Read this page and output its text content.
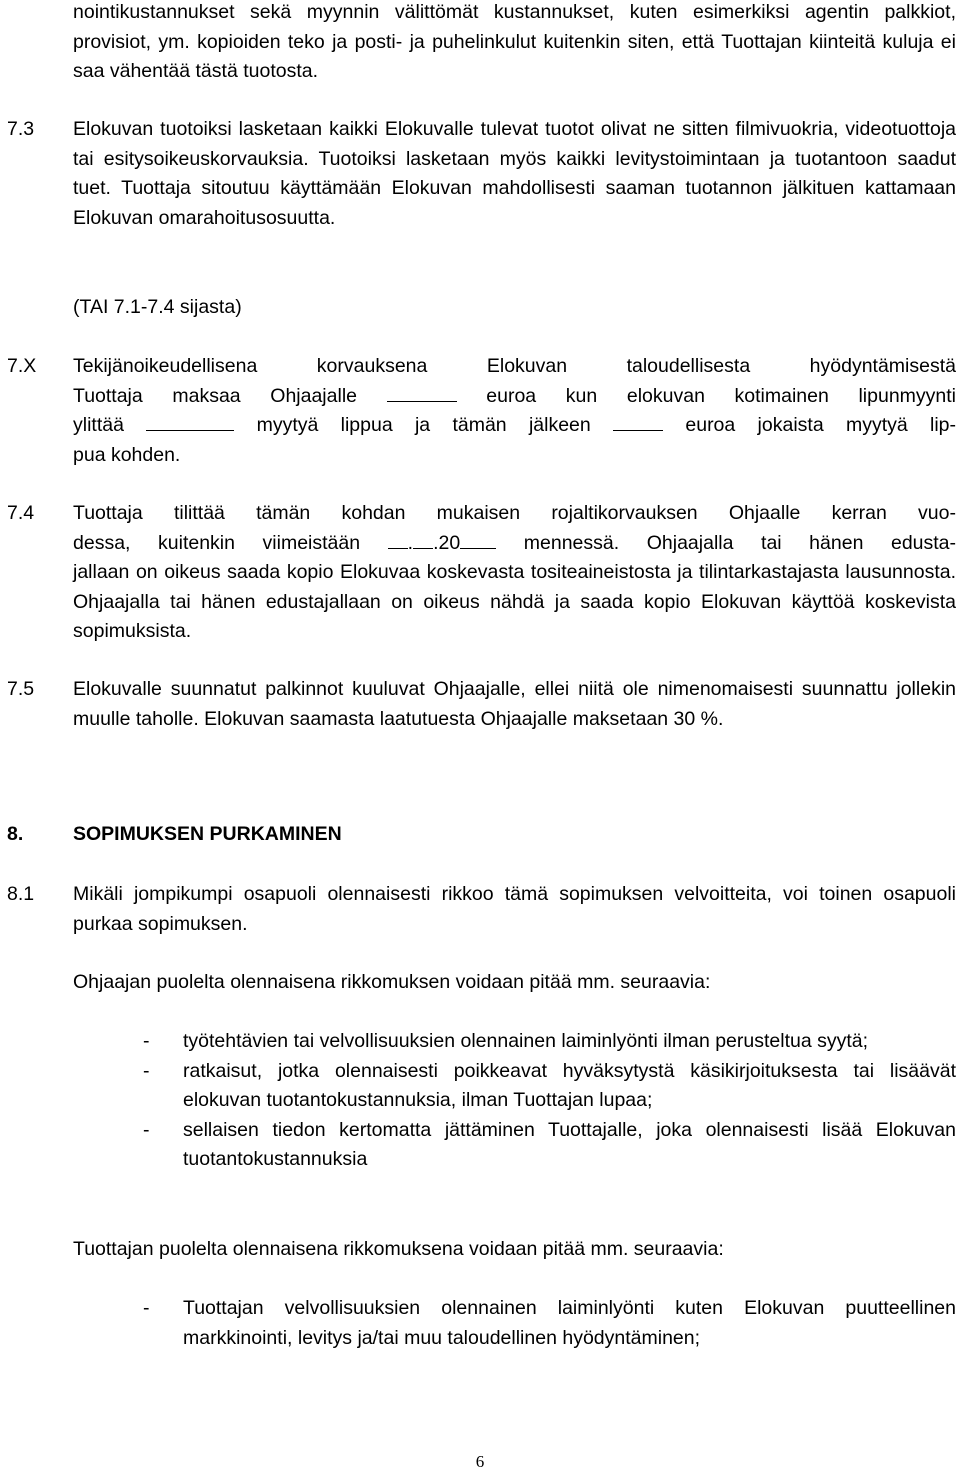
nointikustannukset sekä myynnin välittömät kustannukset, kuten esimerkiksi agentin palkkiot, provisiot, ym. kopioiden teko ja posti- ja puhelinkulut kuitenkin siten, että Tuottajan kiinteitä kuluja ei saa vähentää tästä tuotosta.
7.3 Elokuvan tuotoiksi lasketaan kaikki Elokuvalle tulevat tuotot olivat ne sitten filmivuokria, videotuottoja tai esitysoikeuskorvauksia. Tuotoiksi lasketaan myös kaikki levitystoimintaan ja tuotantoon saadut tuet. Tuottaja sitoutuu käyttämään Elokuvan mahdollisesti saaman tuotannon jälkituen kattamaan Elokuvan omarahoitusosuutta.
(TAI 7.1-7.4 sijasta)
7.X Tekijänoikeudellisena korvauksena Elokuvan taloudellisesta hyödyntämisestä
Tuottaja maksaa Ohjaajalle	euroa kun elokuvan kotimainen lipunmyynti
ylittää	myytyä lippua ja tämän jälkeen	euroa jokaista myytyä lip-
pua kohden.
7.4 Tuottaja tilittää tämän kohdan mukaisen rojaltikorvauksen Ohjaalle kerran vuo-
dessa, kuitenkin viimeistään . .20	mennessä. Ohjaajalla tai hänen edusta-
jallaan on oikeus saada kopio Elokuvaa koskevasta tositeaineistosta ja tilintarkastajasta lausunnosta. Ohjaajalla tai hänen edustajallaan on oikeus nähdä ja saada kopio Elokuvan käyttöä koskevista sopimuksista.
7.5 Elokuvalle suunnatut palkinnot kuuluvat Ohjaajalle, ellei niitä ole nimenomaisesti suunnattu jollekin muulle taholle. Elokuvan saamasta laatutuesta Ohjaajalle maksetaan 30 %.
8.	SOPIMUKSEN PURKAMINEN
8.1 Mikäli jompikumpi osapuoli olennaisesti rikkoo tämä sopimuksen velvoitteita, voi toinen osapuoli purkaa sopimuksen.
Ohjaajan puolelta olennaisena rikkomuksen voidaan pitää mm. seuraavia:
- työtehtävien tai velvollisuuksien olennainen laiminlyönti ilman perusteltua syytä;
- ratkaisut, jotka olennaisesti poikkeavat hyväksytystä käsikirjoituksesta tai lisäävät elokuvan tuotantokustannuksia, ilman Tuottajan lupaa;
- sellaisen tiedon kertomatta jättäminen Tuottajalle, joka olennaisesti lisää Elokuvan tuotantokustannuksia
Tuottajan puolelta olennaisena rikkomuksena voidaan pitää mm. seuraavia:
- Tuottajan velvollisuuksien olennainen laiminlyönti kuten Elokuvan puutteellinen markkinointi, levitys ja/tai muu taloudellinen hyödyntäminen;
6
